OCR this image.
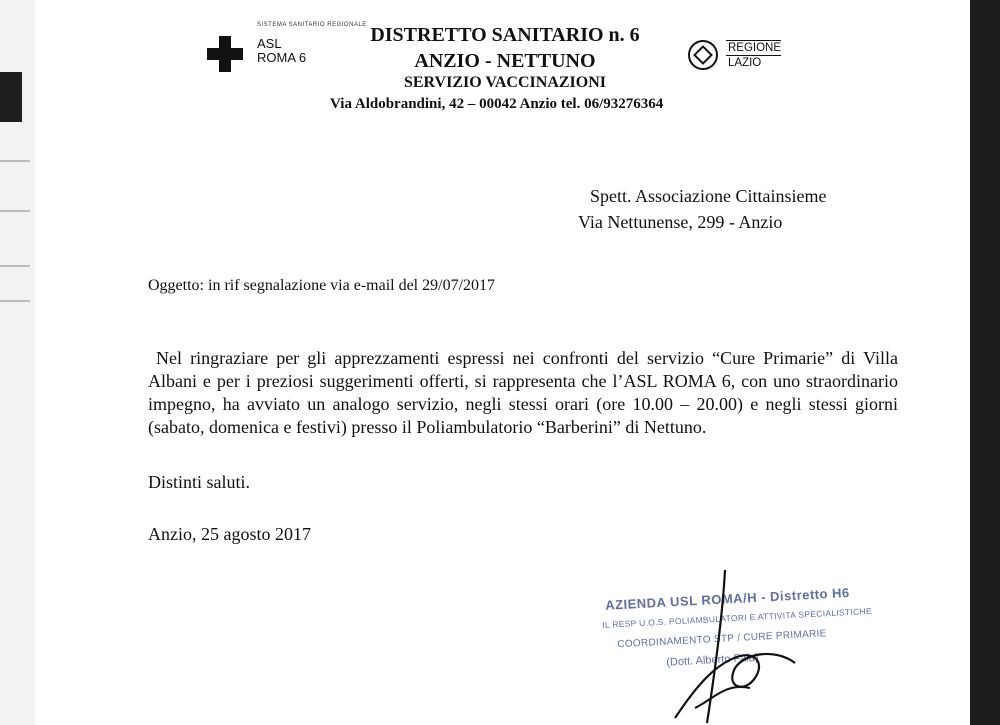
SISTEMA SANITARIO REGIONALE
ASL
ROMA 6
DISTRETTO SANITARIO n. 6
ANZIO - NETTUNO
SERVIZIO VACCINAZIONI
Via Aldobrandini, 42 – 00042 Anzio tel. 06/93276364
REGIONE
LAZIO
Spett. Associazione Cittainsieme
Via Nettunense, 299 - Anzio
Oggetto: in rif segnalazione via e-mail del 29/07/2017

Nel ringraziare per gli apprezzamenti espressi nei confronti del servizio “Cure Primarie” di Villa Albani e per i preziosi suggerimenti offerti, si rappresenta che l’ASL ROMA 6, con uno straordinario impegno, ha avviato un analogo servizio, negli stessi orari (ore 10.00 – 20.00) e negli stessi giorni (sabato, domenica e festivi) presso il Poliambulatorio “Barberini” di Nettuno.

Distinti saluti.
Anzio, 25 agosto 2017
AZIENDA USL ROMA/H - Distretto H6
IL RESP U.O.S. POLIAMBULATORI E ATTIVITA SPECIALISTICHE
COORDINAMENTO STP / CURE PRIMARIE
(Dott. Alberto Fala)
